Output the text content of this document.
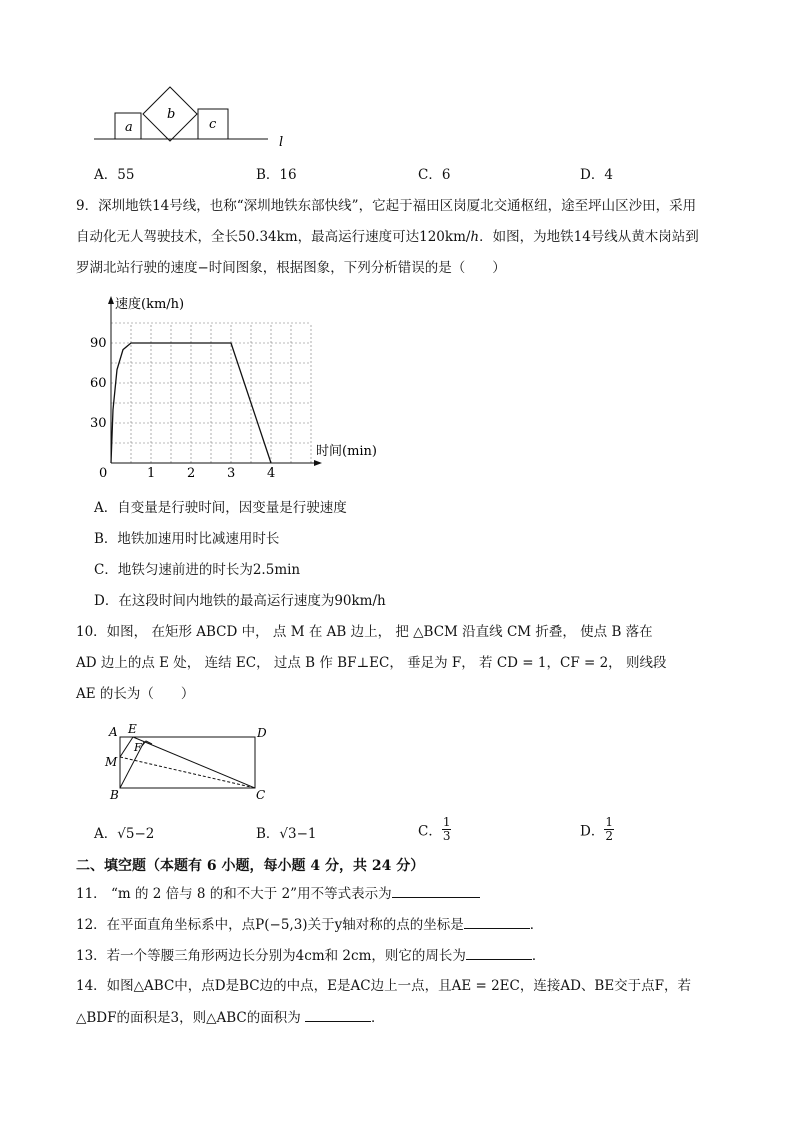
a
b
c
l
A．55	B．16	C．6	D．4
9．深圳地铁14号线，也称“深圳地铁东部快线”，它起于福田区岗厦北交通枢纽，途至坪山区沙田，采用
自动化无人驾驶技术，全长50.34km，最高运行速度可达120km/ℎ．如图，为地铁14号线从黄木岗站到
罗湖北站行驶的速度−时间图象，根据图象，下列分析错误的是（　　）
0	1 2 3 4
30
60
90
速度(km/h)
时间(min)
A．自变量是行驶时间，因变量是行驶速度
B．地铁加速用时比减速用时长
C．地铁匀速前进的时长为2.5min
D．在这段时间内地铁的最高运行速度为90km/h
10．如图， 在矩形 ABCD 中， 点 M 在 AB 边上， 把 △BCM 沿直线 CM 折叠， 使点 B 落在
AD 边上的点 E 处， 连结 EC， 过点 B 作 BF⊥EC， 垂足为 F， 若 CD = 1，CF = 2， 则线段
AE 的长为（　　）
A E	D
F
M
B	C
A．√5−2	B．√3−1	C． $\frac{1}{3}$	D． $\frac{1}{2}$
二、填空题（本题有 6 小题，每小题 4 分，共 24 分）
11． “m 的 2 倍与 8 的和不大于 2”用不等式表示为
12．在平面直角坐标系中，点P(−5,3)关于y轴对称的点的坐标是	．
13．若一个等腰三角形两边长分别为4cm和 2cm，则它的周长为	．
14．如图△ABC中，点D是BC边的中点，E是AC边上一点，且AE = 2EC，连接AD、BE交于点F，若
△BDF的面积是3，则△ABC的面积为	．
